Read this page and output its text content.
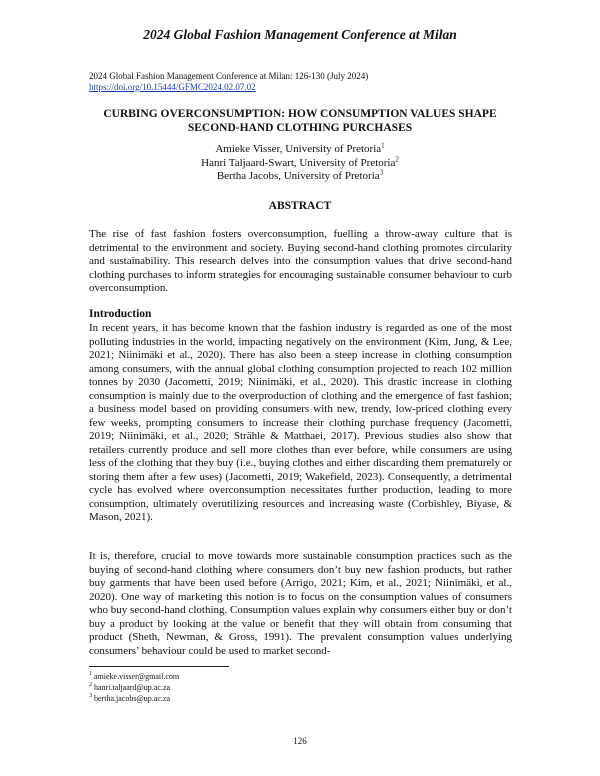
2024 Global Fashion Management Conference at Milan
2024 Global Fashion Management Conference at Milan: 126-130 (July 2024)
https://doi.org/10.15444/GFMC2024.02.07.02
CURBING OVERCONSUMPTION: HOW CONSUMPTION VALUES SHAPE
SECOND-HAND CLOTHING PURCHASES
Amieke Visser, University of Pretoria$^1$
Hanri Taljaard-Swart, University of Pretoria$^2$
Bertha Jacobs, University of Pretoria$^3$
ABSTRACT

The rise of fast fashion fosters overconsumption, fuelling a throw-away culture that is detrimental to the environment and society. Buying second-hand clothing promotes circularity and sustainability. This research delves into the consumption values that drive second-hand clothing purchases to inform strategies for encouraging sustainable consumer behaviour to curb overconsumption.

Introduction

In recent years, it has become known that the fashion industry is regarded as one of the most polluting industries in the world, impacting negatively on the environment (Kim, Jung, & Lee, 2021; Niinimäki et al., 2020). There has also been a steep increase in clothing consumption among consumers, with the annual global clothing consumption projected to reach 102 million tonnes by 2030 (Jacometti, 2019; Niinimäki, et al., 2020). This drastic increase in clothing consumption is mainly due to the overproduction of clothing and the emergence of fast fashion; a business model based on providing consumers with new, trendy, low-priced clothing every few weeks, prompting consumers to increase their clothing purchase frequency (Jacometti, 2019; Niinimäki, et al., 2020; Strähle & Matthaei, 2017). Previous studies also show that retailers currently produce and sell more clothes than ever before, while consumers are using less of the clothing that they buy (i.e., buying clothes and either discarding them prematurely or storing them after a few uses) (Jacometti, 2019; Wakefield, 2023). Consequently, a detrimental cycle has evolved where overconsumption necessitates further production, leading to more consumption, ultimately overutilizing resources and increasing waste (Corbishley, Biyase, & Mason, 2021).

It is, therefore, crucial to move towards more sustainable consumption practices such as the buying of second-hand clothing where consumers don’t buy new fashion products, but rather buy garments that have been used before (Arrigo, 2021; Kim, et al., 2021; Niinimäki, et al., 2020). One way of marketing this notion is to focus on the consumption values of consumers who buy second-hand clothing. Consumption values explain why consumers either buy or don’t buy a product by looking at the value or benefit that they will obtain from consuming that product (Sheth, Newman, & Gross, 1991). The prevalent consumption values underlying consumers’ behaviour could be used to market second-

$^1$ amieke.visser@gmail.com
$^2$ hanri.taljaard@up.ac.za
$^3$ bertha.jacobs@up.ac.za
126
